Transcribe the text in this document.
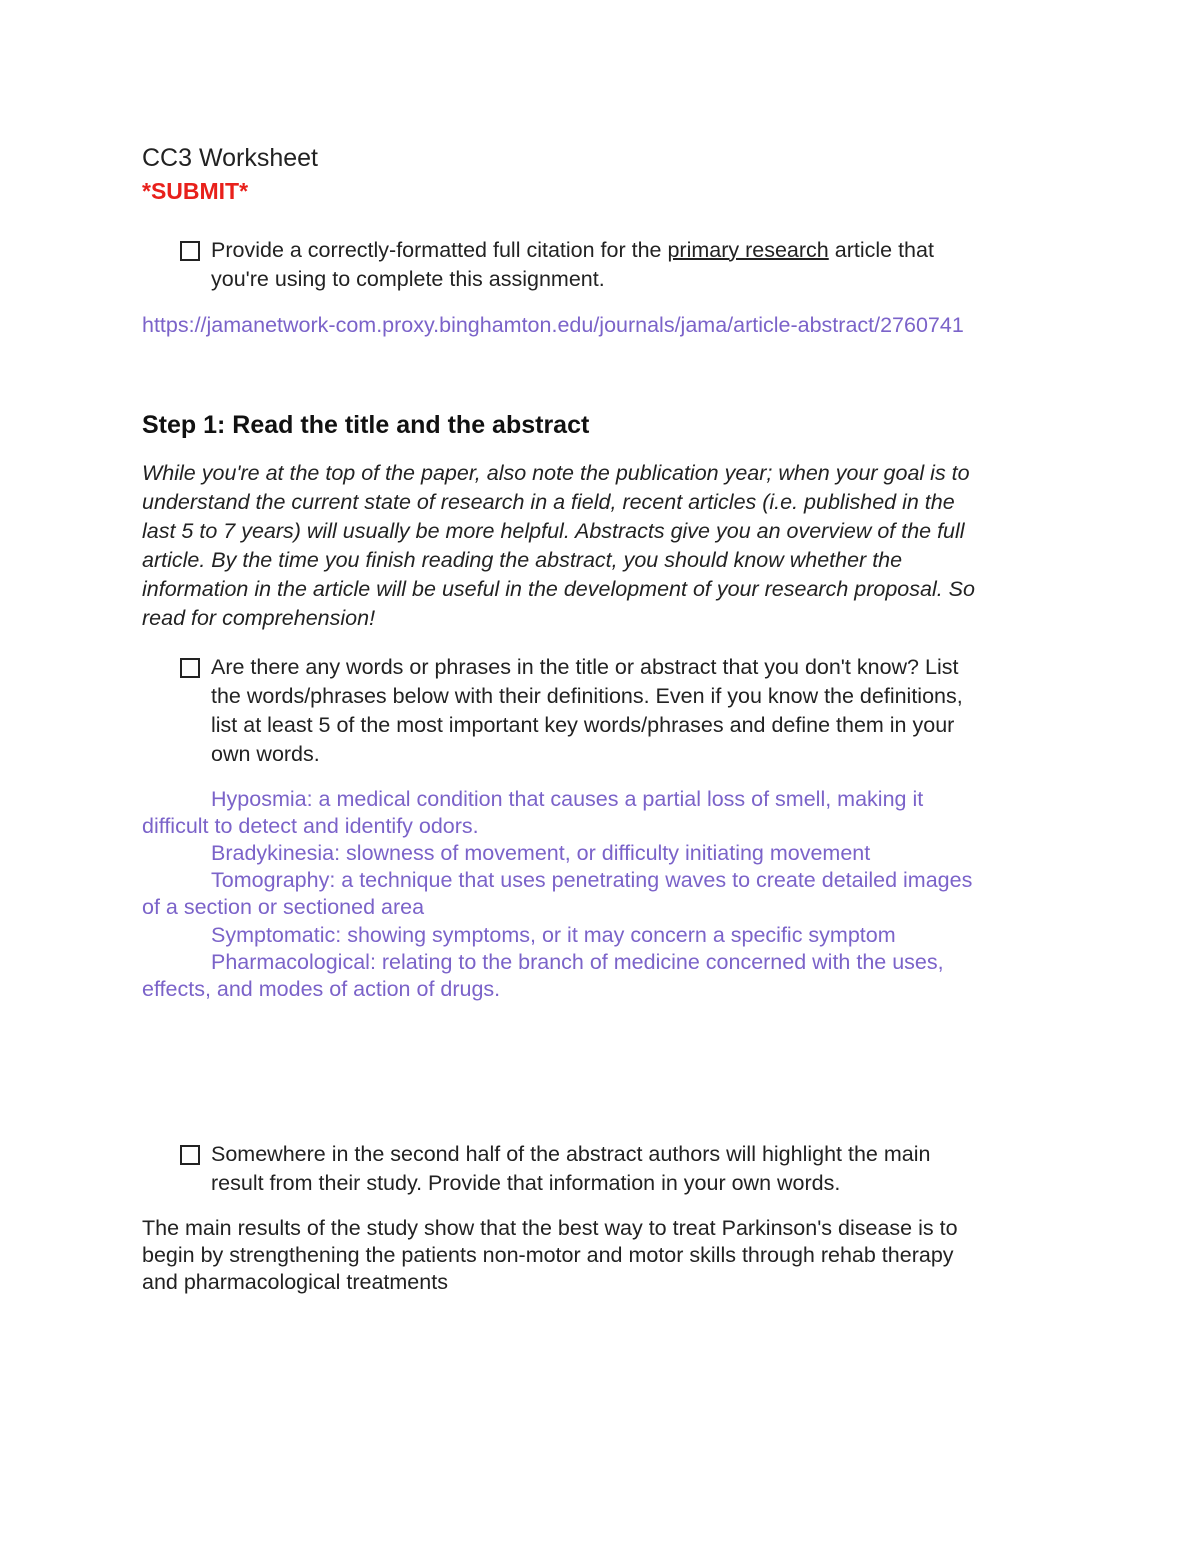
CC3 Worksheet
*SUBMIT*
Provide a correctly-formatted full citation for the primary research article that
you're using to complete this assignment.
https://jamanetwork-com.proxy.binghamton.edu/journals/jama/article-abstract/2760741
Step 1: Read the title and the abstract
While you're at the top of the paper, also note the publication year; when your goal is to
understand the current state of research in a field, recent articles (i.e. published in the
last 5 to 7 years) will usually be more helpful. Abstracts give you an overview of the full
article. By the time you finish reading the abstract, you should know whether the
information in the article will be useful in the development of your research proposal. So
read for comprehension!
Are there any words or phrases in the title or abstract that you don't know? List
the words/phrases below with their definitions. Even if you know the definitions,
list at least 5 of the most important key words/phrases and define them in your
own words.
Hyposmia: a medical condition that causes a partial loss of smell, making it
difficult to detect and identify odors.
Bradykinesia: slowness of movement, or difficulty initiating movement
Tomography: a technique that uses penetrating waves to create detailed images
of a section or sectioned area
Symptomatic: showing symptoms, or it may concern a specific symptom
Pharmacological: relating to the branch of medicine concerned with the uses,
effects, and modes of action of drugs.
Somewhere in the second half of the abstract authors will highlight the main
result from their study. Provide that information in your own words.
The main results of the study show that the best way to treat Parkinson's disease is to
begin by strengthening the patients non-motor and motor skills through rehab therapy
and pharmacological treatments
